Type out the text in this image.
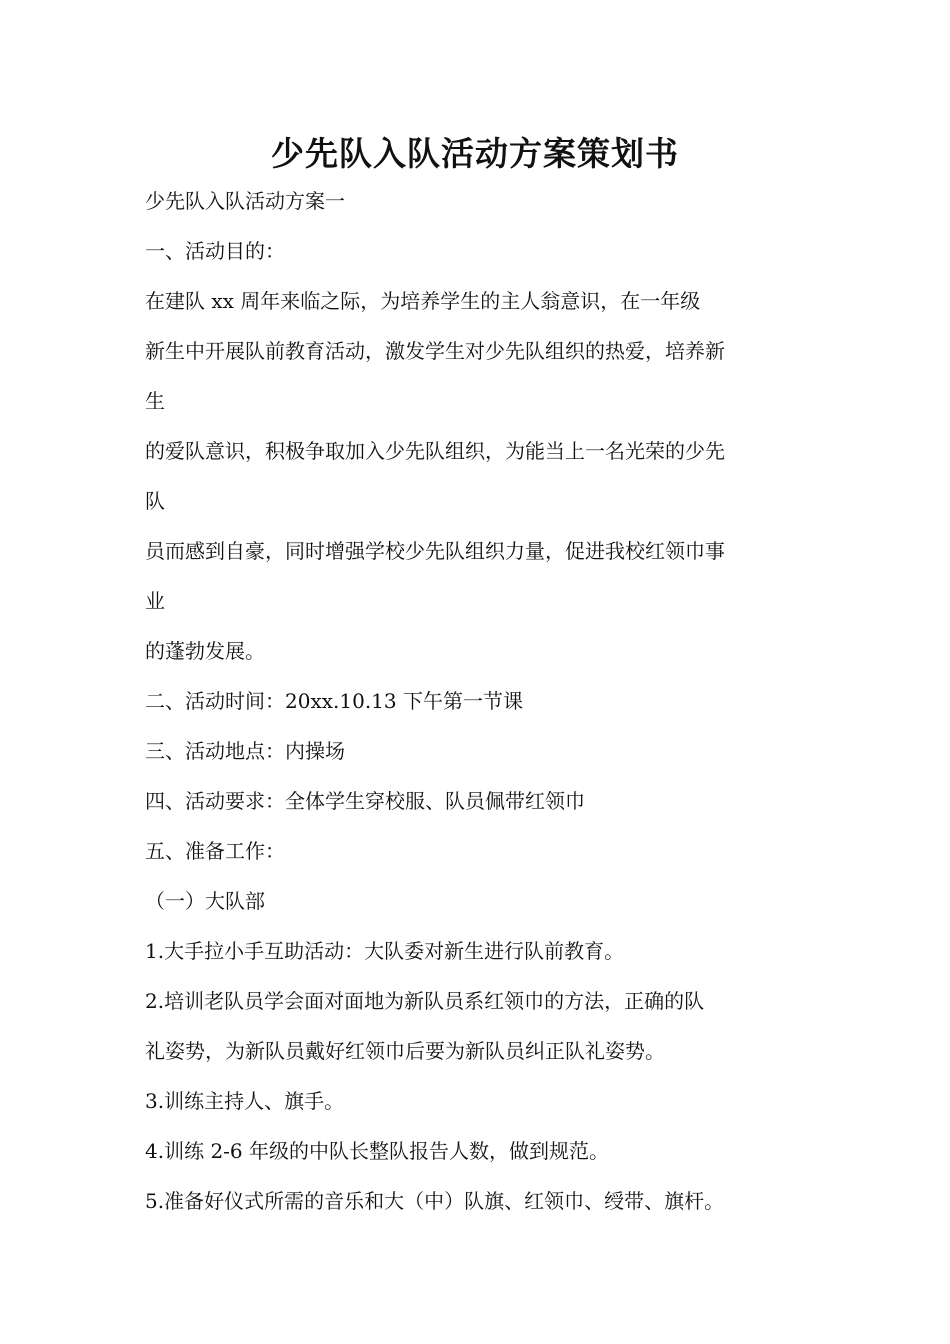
少先队入队活动方案策划书

少先队入队活动方案一

一、活动目的：

在建队 xx 周年来临之际，为培养学生的主人翁意识，在一年级

新生中开展队前教育活动，激发学生对少先队组织的热爱，培养新

生

的爱队意识，积极争取加入少先队组织，为能当上一名光荣的少先

队

员而感到自豪，同时增强学校少先队组织力量，促进我校红领巾事

业

的蓬勃发展。

二、活动时间：20xx.10.13 下午第一节课

三、活动地点：内操场

四、活动要求：全体学生穿校服、队员佩带红领巾

五、准备工作：

（一）大队部

1.大手拉小手互助活动：大队委对新生进行队前教育。

2.培训老队员学会面对面地为新队员系红领巾的方法，正确的队

礼姿势，为新队员戴好红领巾后要为新队员纠正队礼姿势。

3.训练主持人、旗手。

4.训练 2-6 年级的中队长整队报告人数，做到规范。

5.准备好仪式所需的音乐和大（中）队旗、红领巾、绶带、旗杆。
